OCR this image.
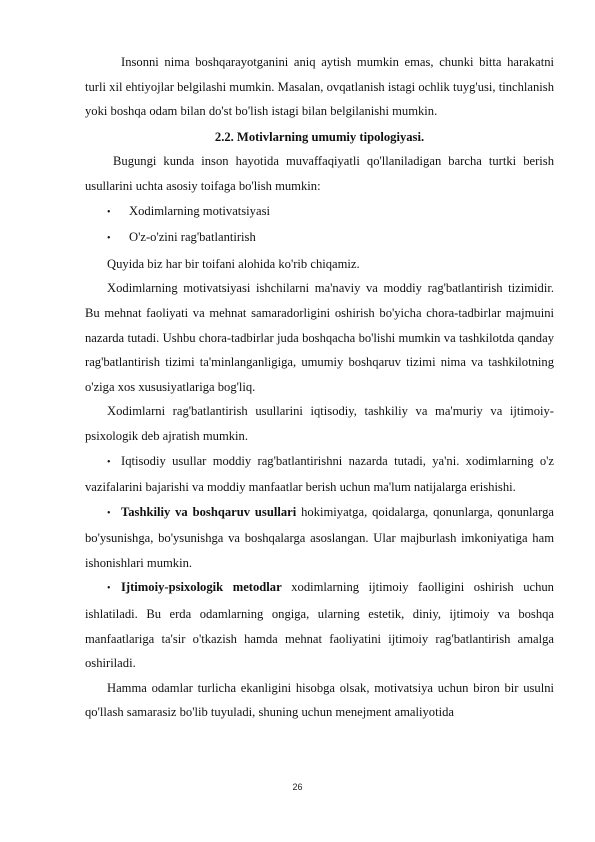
Insonni nima boshqarayotganini aniq aytish mumkin emas, chunki bitta harakatni turli xil ehtiyojlar belgilashi mumkin. Masalan, ovqatlanish istagi ochlik tuyg'usi, tinchlanish yoki boshqa odam bilan do'st bo'lish istagi bilan belgilanishi mumkin.

2.2. Motivlarning umumiy tipologiyasi.

Bugungi kunda inson hayotida muvaffaqiyatli qo'llaniladigan barcha turtki berish usullarini uchta asosiy toifaga bo'lish mumkin:

•
Xodimlarning motivatsiyasi
•
O'z-o'zini rag'batlantirish

Quyida biz har bir toifani alohida ko'rib chiqamiz.

Xodimlarning motivatsiyasi ishchilarni ma'naviy va moddiy rag'batlantirish tizimidir. Bu mehnat faoliyati va mehnat samaradorligini oshirish bo'yicha chora-tadbirlar majmuini nazarda tutadi. Ushbu chora-tadbirlar juda boshqacha bo'lishi mumkin va tashkilotda qanday rag'batlantirish tizimi ta'minlanganligiga, umumiy boshqaruv tizimi nima va tashkilotning o'ziga xos xususiyatlariga bog'liq.

Xodimlarni rag'batlantirish usullarini iqtisodiy, tashkiliy va ma'muriy va ijtimoiy-psixologik deb ajratish mumkin.

•Iqtisodiy usullar moddiy rag'batlantirishni nazarda tutadi, ya'ni. xodimlarning o'z vazifalarini bajarishi va moddiy manfaatlar berish uchun ma'lum natijalarga erishishi.

•Tashkiliy va boshqaruv usullari hokimiyatga, qoidalarga, qonunlarga, qonunlarga bo'ysunishga, bo'ysunishga va boshqalarga asoslangan. Ular majburlash imkoniyatiga ham ishonishlari mumkin.

•Ijtimoiy-psixologik metodlar xodimlarning ijtimoiy faolligini oshirish uchun ishlatiladi. Bu erda odamlarning ongiga, ularning estetik, diniy, ijtimoiy va boshqa manfaatlariga ta'sir o'tkazish hamda mehnat faoliyatini ijtimoiy rag'batlantirish amalga oshiriladi.

Hamma odamlar turlicha ekanligini hisobga olsak, motivatsiya uchun biron bir usulni qo'llash samarasiz bo'lib tuyuladi, shuning uchun menejment amaliyotida

26
